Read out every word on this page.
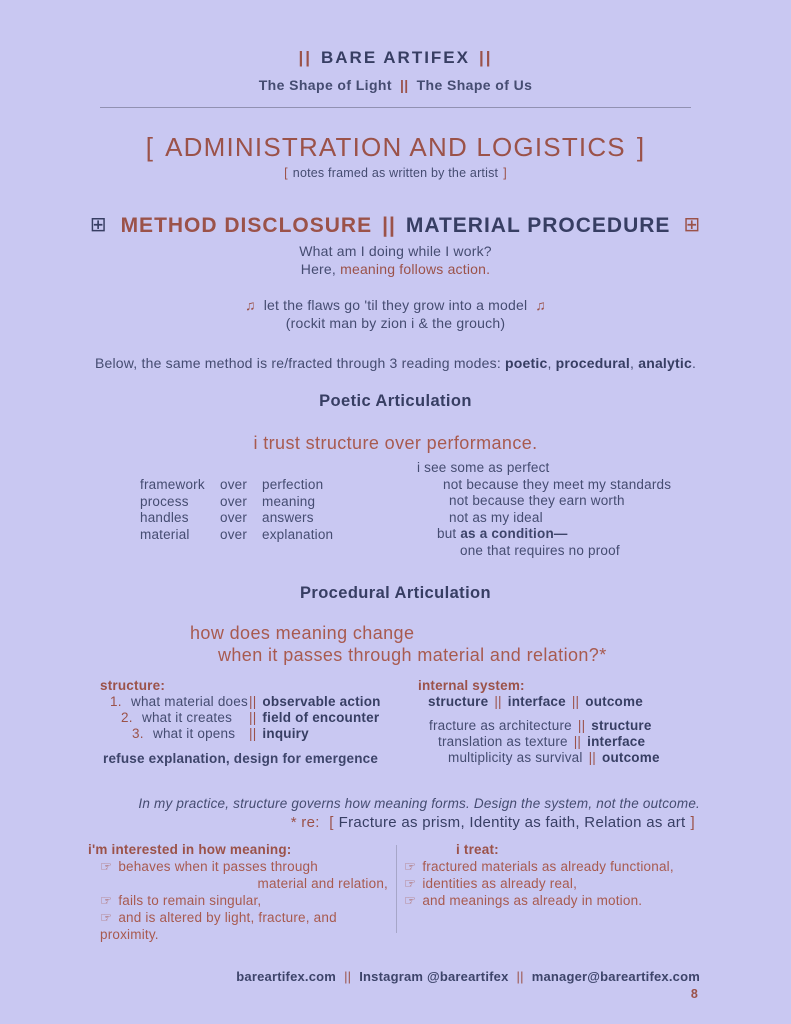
|| BARE ARTIFEX ||
The Shape of Light || The Shape of Us
[ ADMINISTRATION AND LOGISTICS ]
[ notes framed as written by the artist ]
⊞ METHOD DISCLOSURE || MATERIAL PROCEDURE ⊞
What am I doing while I work?
Here, meaning follows action.
♫ let the flaws go 'til they grow into a model ♫
(rockit man by zion i & the grouch)
Below, the same method is re/fracted through 3 reading modes: poetic, procedural, analytic.
Poetic Articulation
i trust structure over performance.
framework over perfection
process over meaning
handles over answers
material over explanation
i see some as perfect
not because they meet my standards
not because they earn worth
not as my ideal
but as a condition—
one that requires no proof
Procedural Articulation
how does meaning change
when it passes through material and relation?*
structure:
1. what material does || observable action
2. what it creates	|| field of encounter
3. what it opens	|| inquiry
refuse explanation, design for emergence
internal system:
structure || interface || outcome
fracture as architecture || structure
translation as texture || interface
multiplicity as survival || outcome
In my practice, structure governs how meaning forms. Design the system, not the outcome.
* re: [ Fracture as prism, Identity as faith, Relation as art ]
i'm interested in how meaning:
☞ behaves when it passes through
material and relation,
☞ fails to remain singular,
☞ and is altered by light, fracture, and proximity.
i treat:
☞ fractured materials as already functional,
☞ identities as already real,
☞ and meanings as already in motion.
bareartifex.com || Instagram @bareartifex || manager@bareartifex.com
8
